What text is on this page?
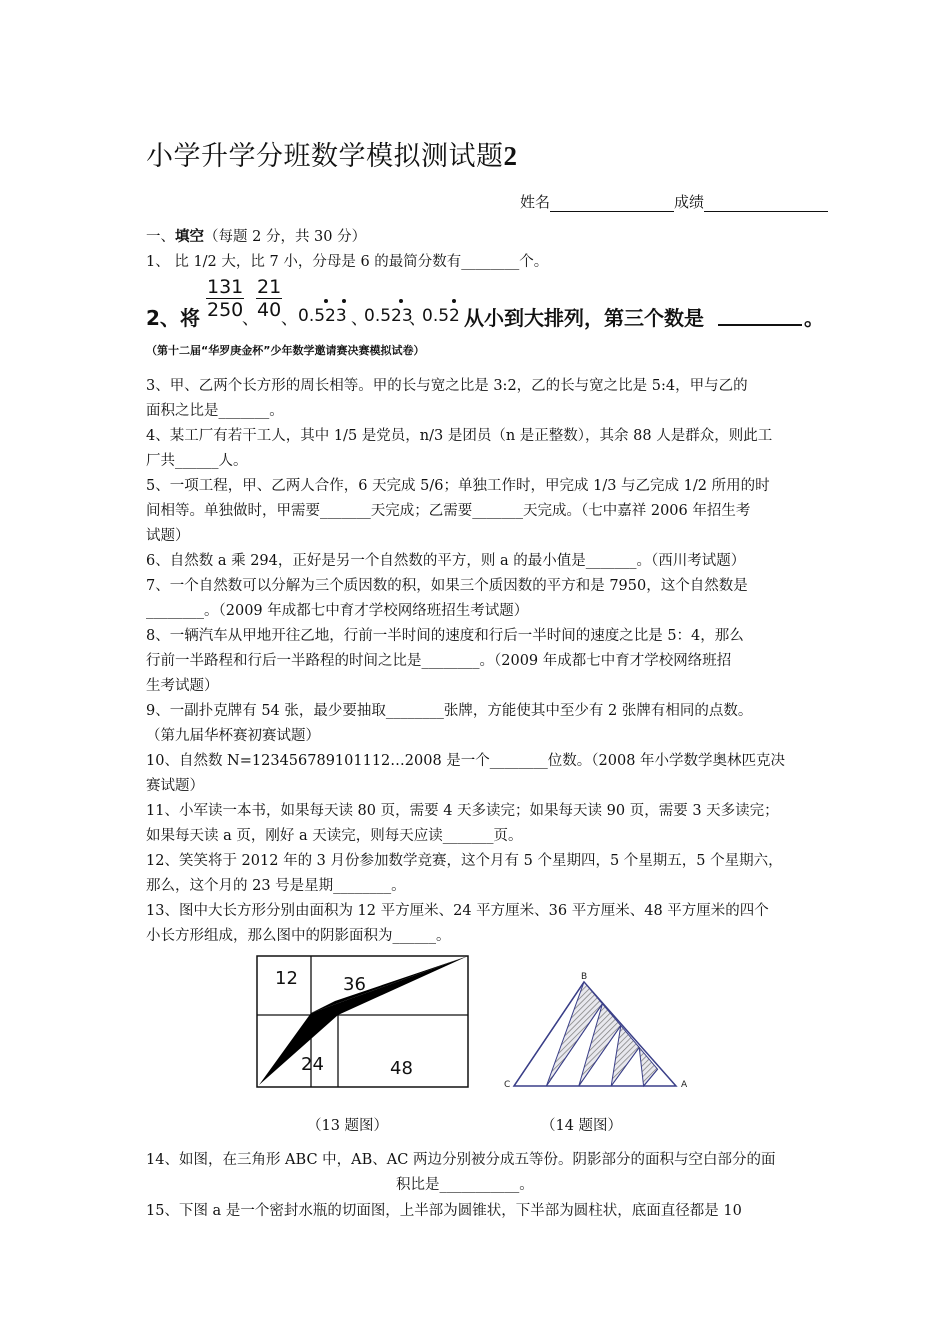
小学升学分班数学模拟测试题2
姓名	成绩
一、填空（每题 2 分，共 30 分）
1、 比 1/2 大，比 7 小，分母是 6 的最简分数有________个。
2、 将 $\frac{131}{250}$
、
$\frac{21}{40}$
、 0.523 、
0.523
、
0.52 从小到大排列，第三个数是	。
（第十二届“华罗庚金杯”少年数学邀请赛决赛模拟试卷）
3、甲、乙两个长方形的周长相等。甲的长与宽之比是 3:2，乙的长与宽之比是 5:4，甲与乙的
面积之比是_______。
4、某工厂有若干工人，其中 1/5 是党员，n/3 是团员（n 是正整数），其余 88 人是群众，则此工
厂共______人。
5、一项工程，甲、乙两人合作，6 天完成 5/6；单独工作时，甲完成 1/3 与乙完成 1/2 所用的时
间相等。单独做时，甲需要_______天完成；乙需要_______天完成。（七中嘉祥 2006 年招生考
试题）
6、自然数 a 乘 294，正好是另一个自然数的平方，则 a 的最小值是_______。（西川考试题）
7、一个自然数可以分解为三个质因数的积，如果三个质因数的平方和是 7950，这个自然数是
________。（2009 年成都七中育才学校网络班招生考试题）
8、一辆汽车从甲地开往乙地，行前一半时间的速度和行后一半时间的速度之比是 5：4，那么
行前一半路程和行后一半路程的时间之比是________。（2009 年成都七中育才学校网络班招
生考试题）
9、一副扑克牌有 54 张，最少要抽取________张牌，方能使其中至少有 2 张牌有相同的点数。
（第九届华杯赛初赛试题）
10、自然数 N=123456789101112…2008 是一个________位数。（2008 年小学数学奥林匹克决
赛试题）
11、小军读一本书，如果每天读 80 页，需要 4 天多读完；如果每天读 90 页，需要 3 天多读完；
如果每天读 a 页，刚好 a 天读完，则每天应读_______页。
12、笑笑将于 2012 年的 3 月份参加数学竞赛，这个月有 5 个星期四，5 个星期五，5 个星期六，
那么，这个月的 23 号是星期________。
13、图中大长方形分别由面积为 12 平方厘米、24 平方厘米、36 平方厘米、48 平方厘米的四个
小长方形组成，那么图中的阴影面积为______。
12	36
24	48
B
C	A
（13 题图）	（14 题图）
14、如图，在三角形 ABC 中，AB、AC 两边分别被分成五等份。阴影部分的面积与空白部分的面
积比是___________。
15、下图 a 是一个密封水瓶的切面图，上半部为圆锥状，下半部为圆柱状，底面直径都是 10
